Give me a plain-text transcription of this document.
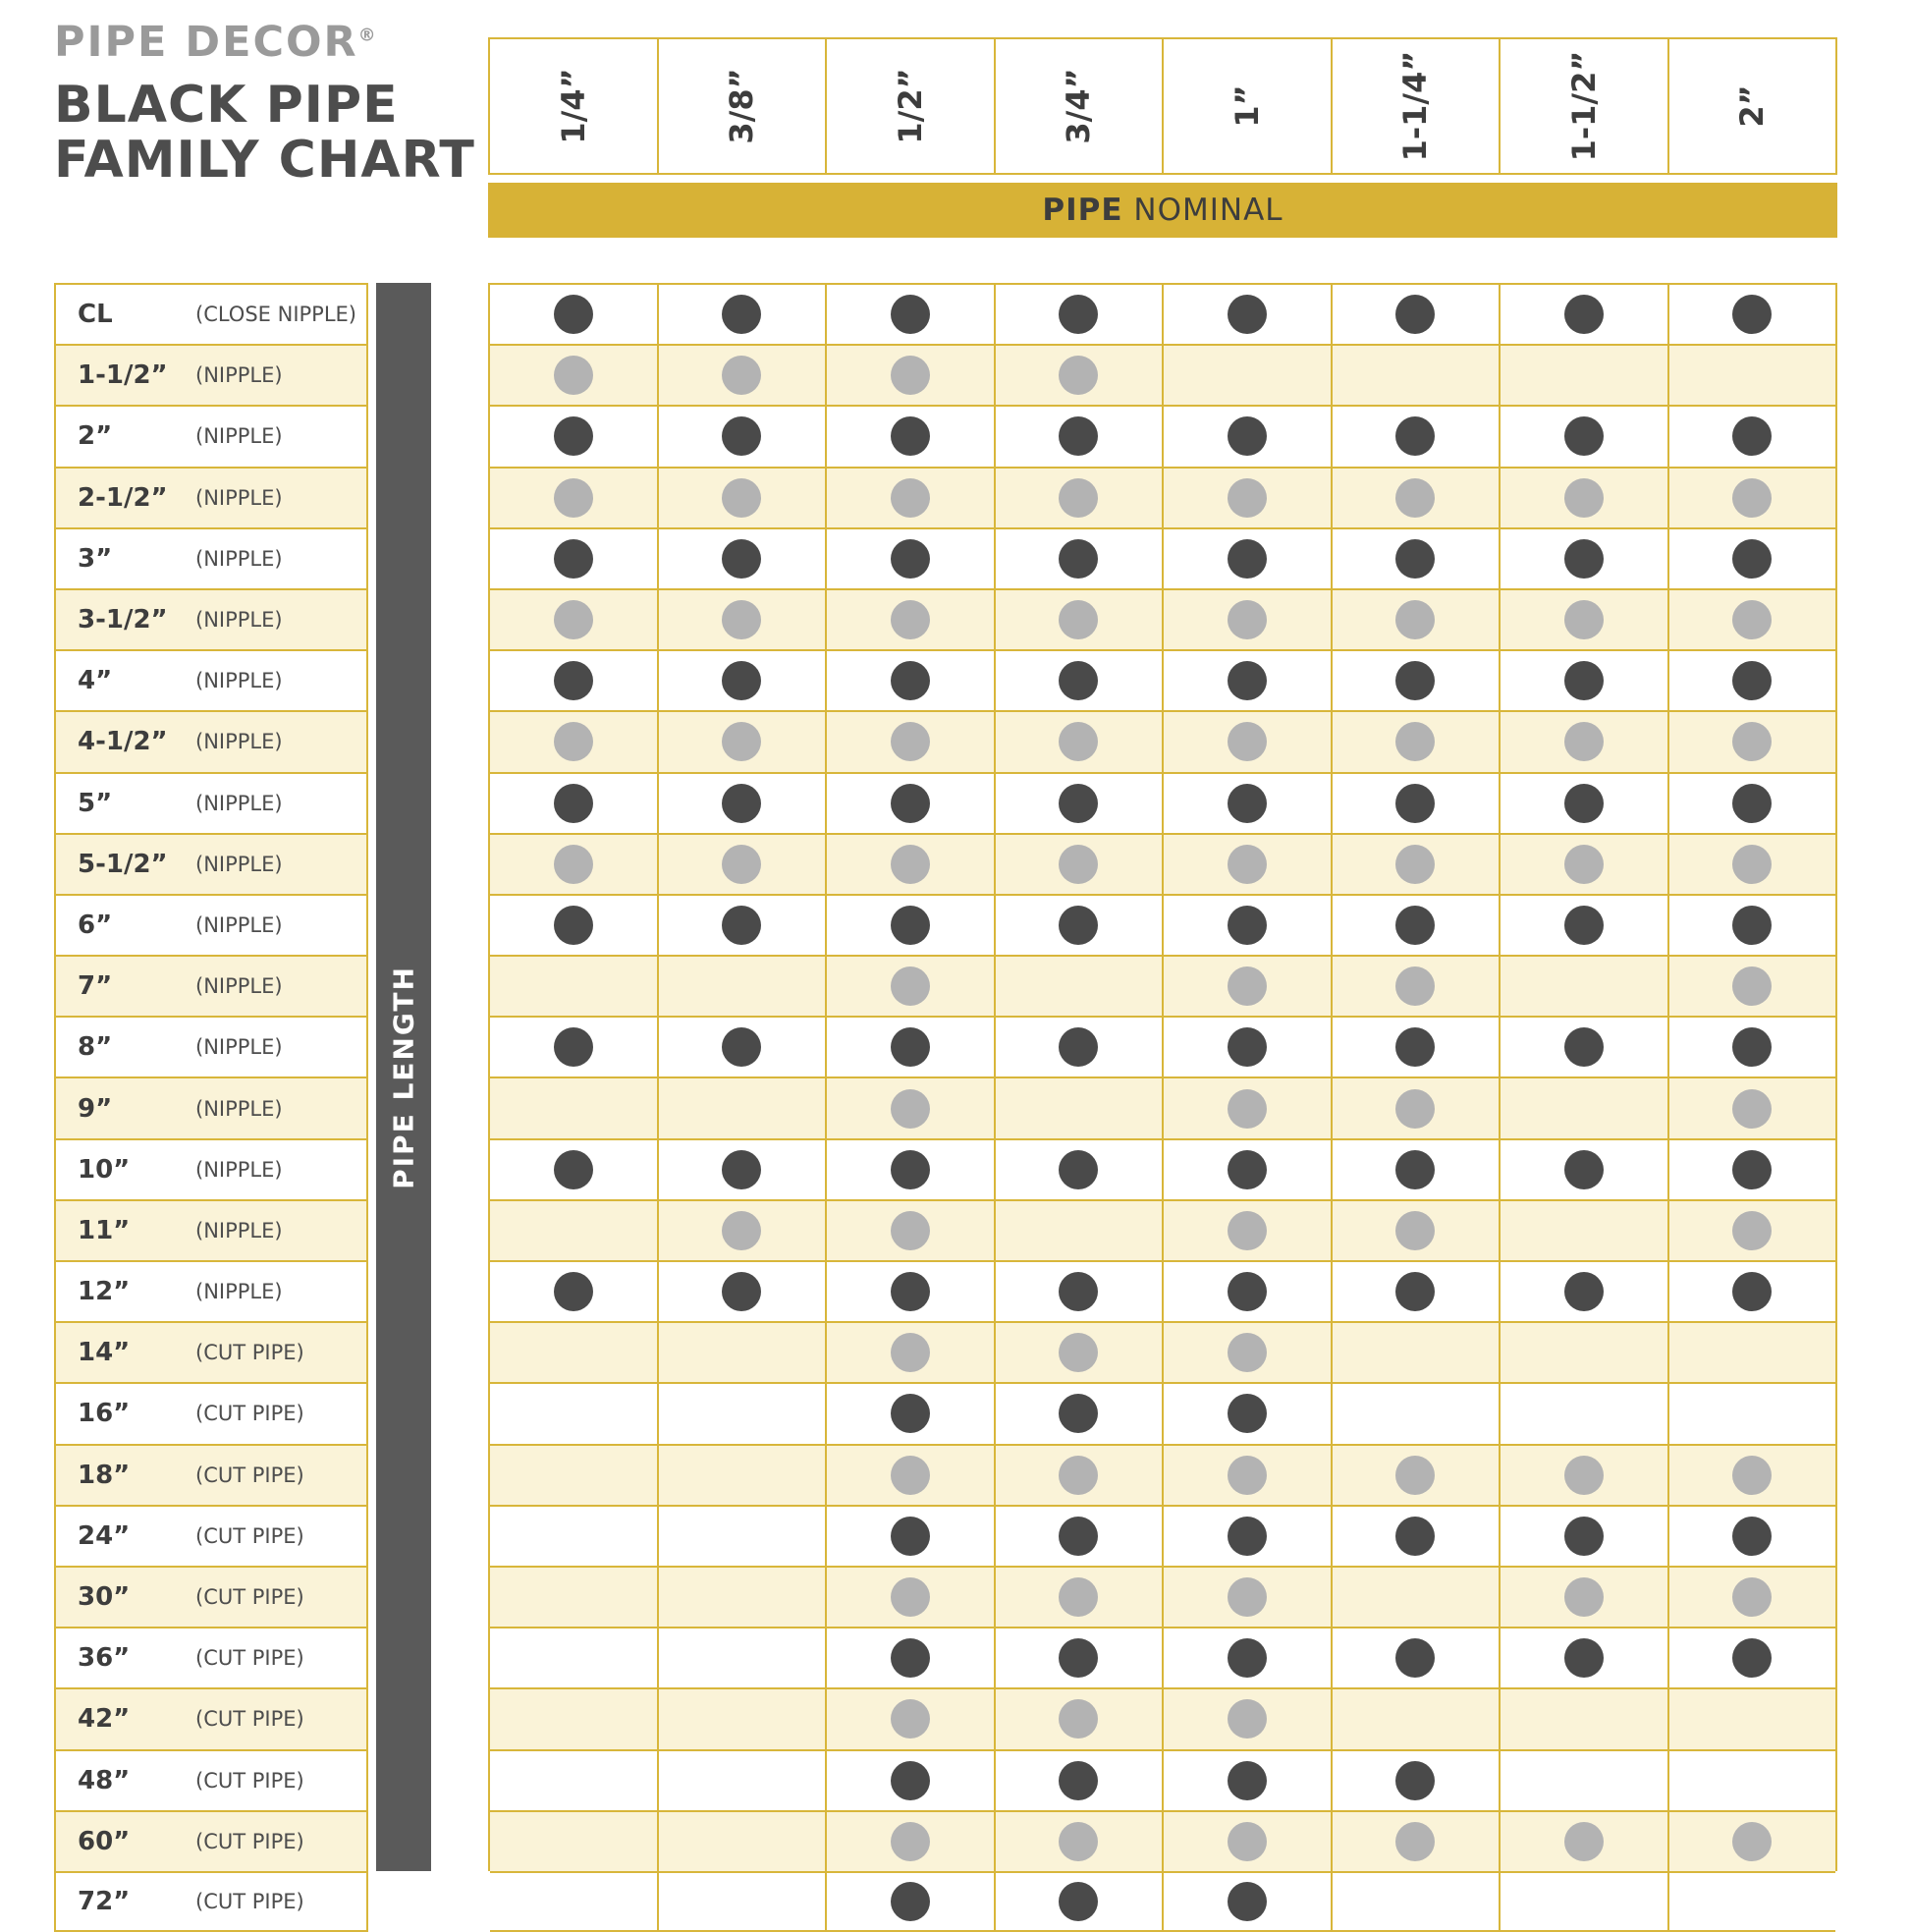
PIPE DECOR®
BLACK PIPE
FAMILY CHART
1/4”	3/8”	1/2”	3/4”	1”	1-1/4”	1-1/2”	2”
PIPE NOMINAL
CL	(CLOSE NIPPLE)
1-1/2”	(NIPPLE)
2”	(NIPPLE)
2-1/2”	(NIPPLE)
3”	(NIPPLE)
3-1/2”	(NIPPLE)
4”	(NIPPLE)
4-1/2”	(NIPPLE)
5”	(NIPPLE)
5-1/2”	(NIPPLE)
6”	(NIPPLE)
7”	(NIPPLE)
8”	(NIPPLE)
9”	(NIPPLE)
10”	(NIPPLE)
11”	(NIPPLE)
12”	(NIPPLE)
14”	(CUT PIPE)
16”	(CUT PIPE)
18”	(CUT PIPE)
24”	(CUT PIPE)
30”	(CUT PIPE)
36”	(CUT PIPE)
42”	(CUT PIPE)
48”	(CUT PIPE)
60”	(CUT PIPE)
72”	(CUT PIPE)
PIPE LENGTH
